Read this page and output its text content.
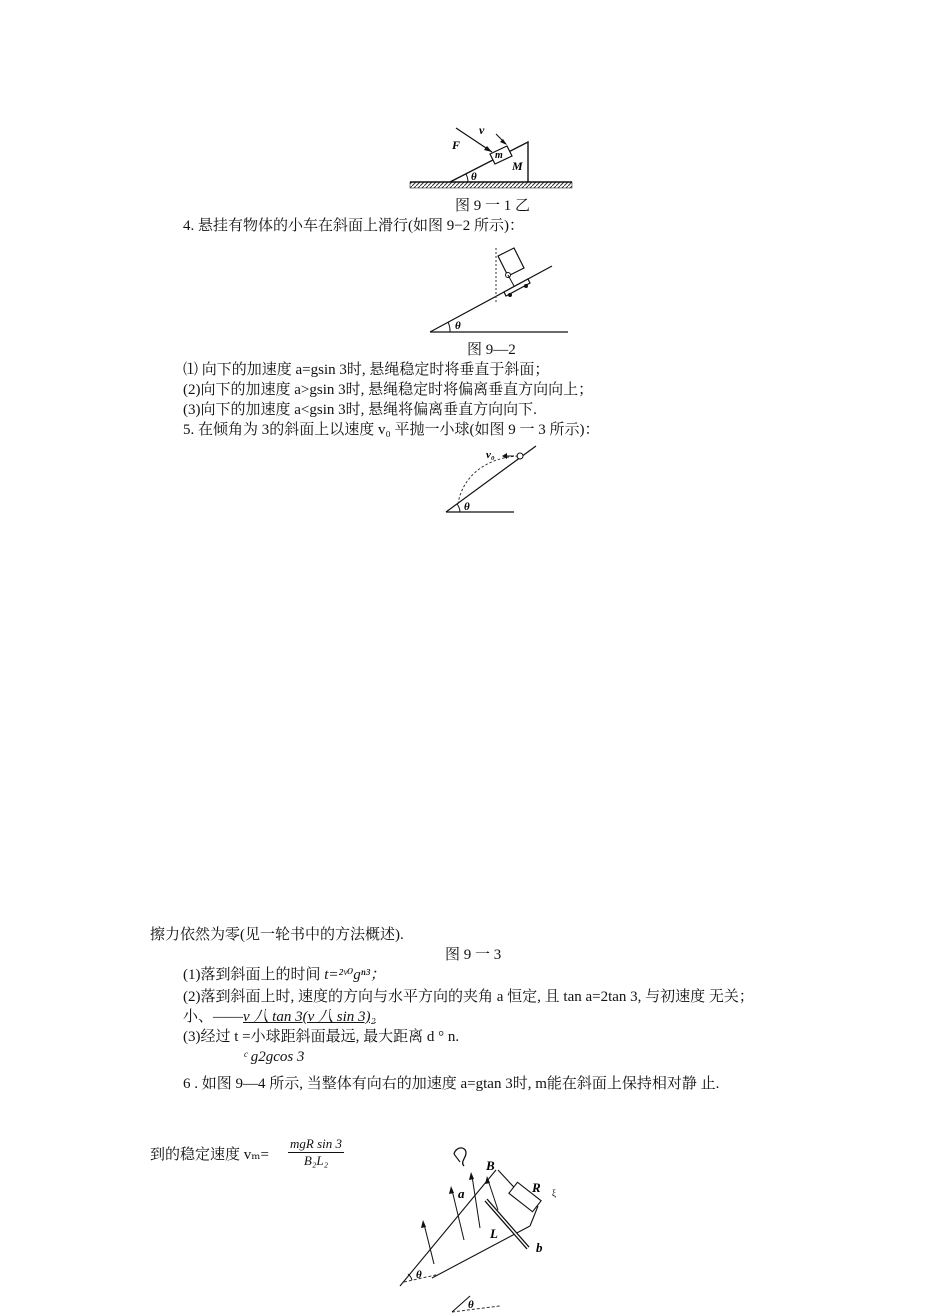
F
v
m
M
θ
图 9 一 1 乙
4. 悬挂有物体的小车在斜面上滑行(如图 9−2 所示)：
θ
图 9—2
⑴ 向下的加速度 a=gsin 3时, 悬绳稳定时将垂直于斜面；
(2)向下的加速度 a>gsin 3时, 悬绳稳定时将偏离垂直方向向上；
(3)向下的加速度 a<gsin 3时, 悬绳将偏离垂直方向向下.
5. 在倾角为 3的斜面上以速度 v₀ 平抛一小球(如图 9 一 3 所示)：
v₀
θ
擦力依然为零(见一轮书中的方法概述).
图 9 一 3
(1)落到斜面上的时间 t=²ᵛ⁰gⁿ³；
(2)落到斜面上时, 速度的方向与水平方向的夹角 a 恒定, 且 tan a=2tan 3, 与初速度 无关；
小、——v 八 tan 3(v 八 sin 3)₂
(3)经过 t =小球距斜面最远, 最大距离 d ° n.
ᶜ g2gcos 3
6 . 如图 9—4 所示, 当整体有向右的加速度 a=gtan 3时, m能在斜面上保持相对静 止.
到的稳定速度 vₘ=
mgR sin 3
B₂L₂	B
R ξ
a
L
b
θ
θ
